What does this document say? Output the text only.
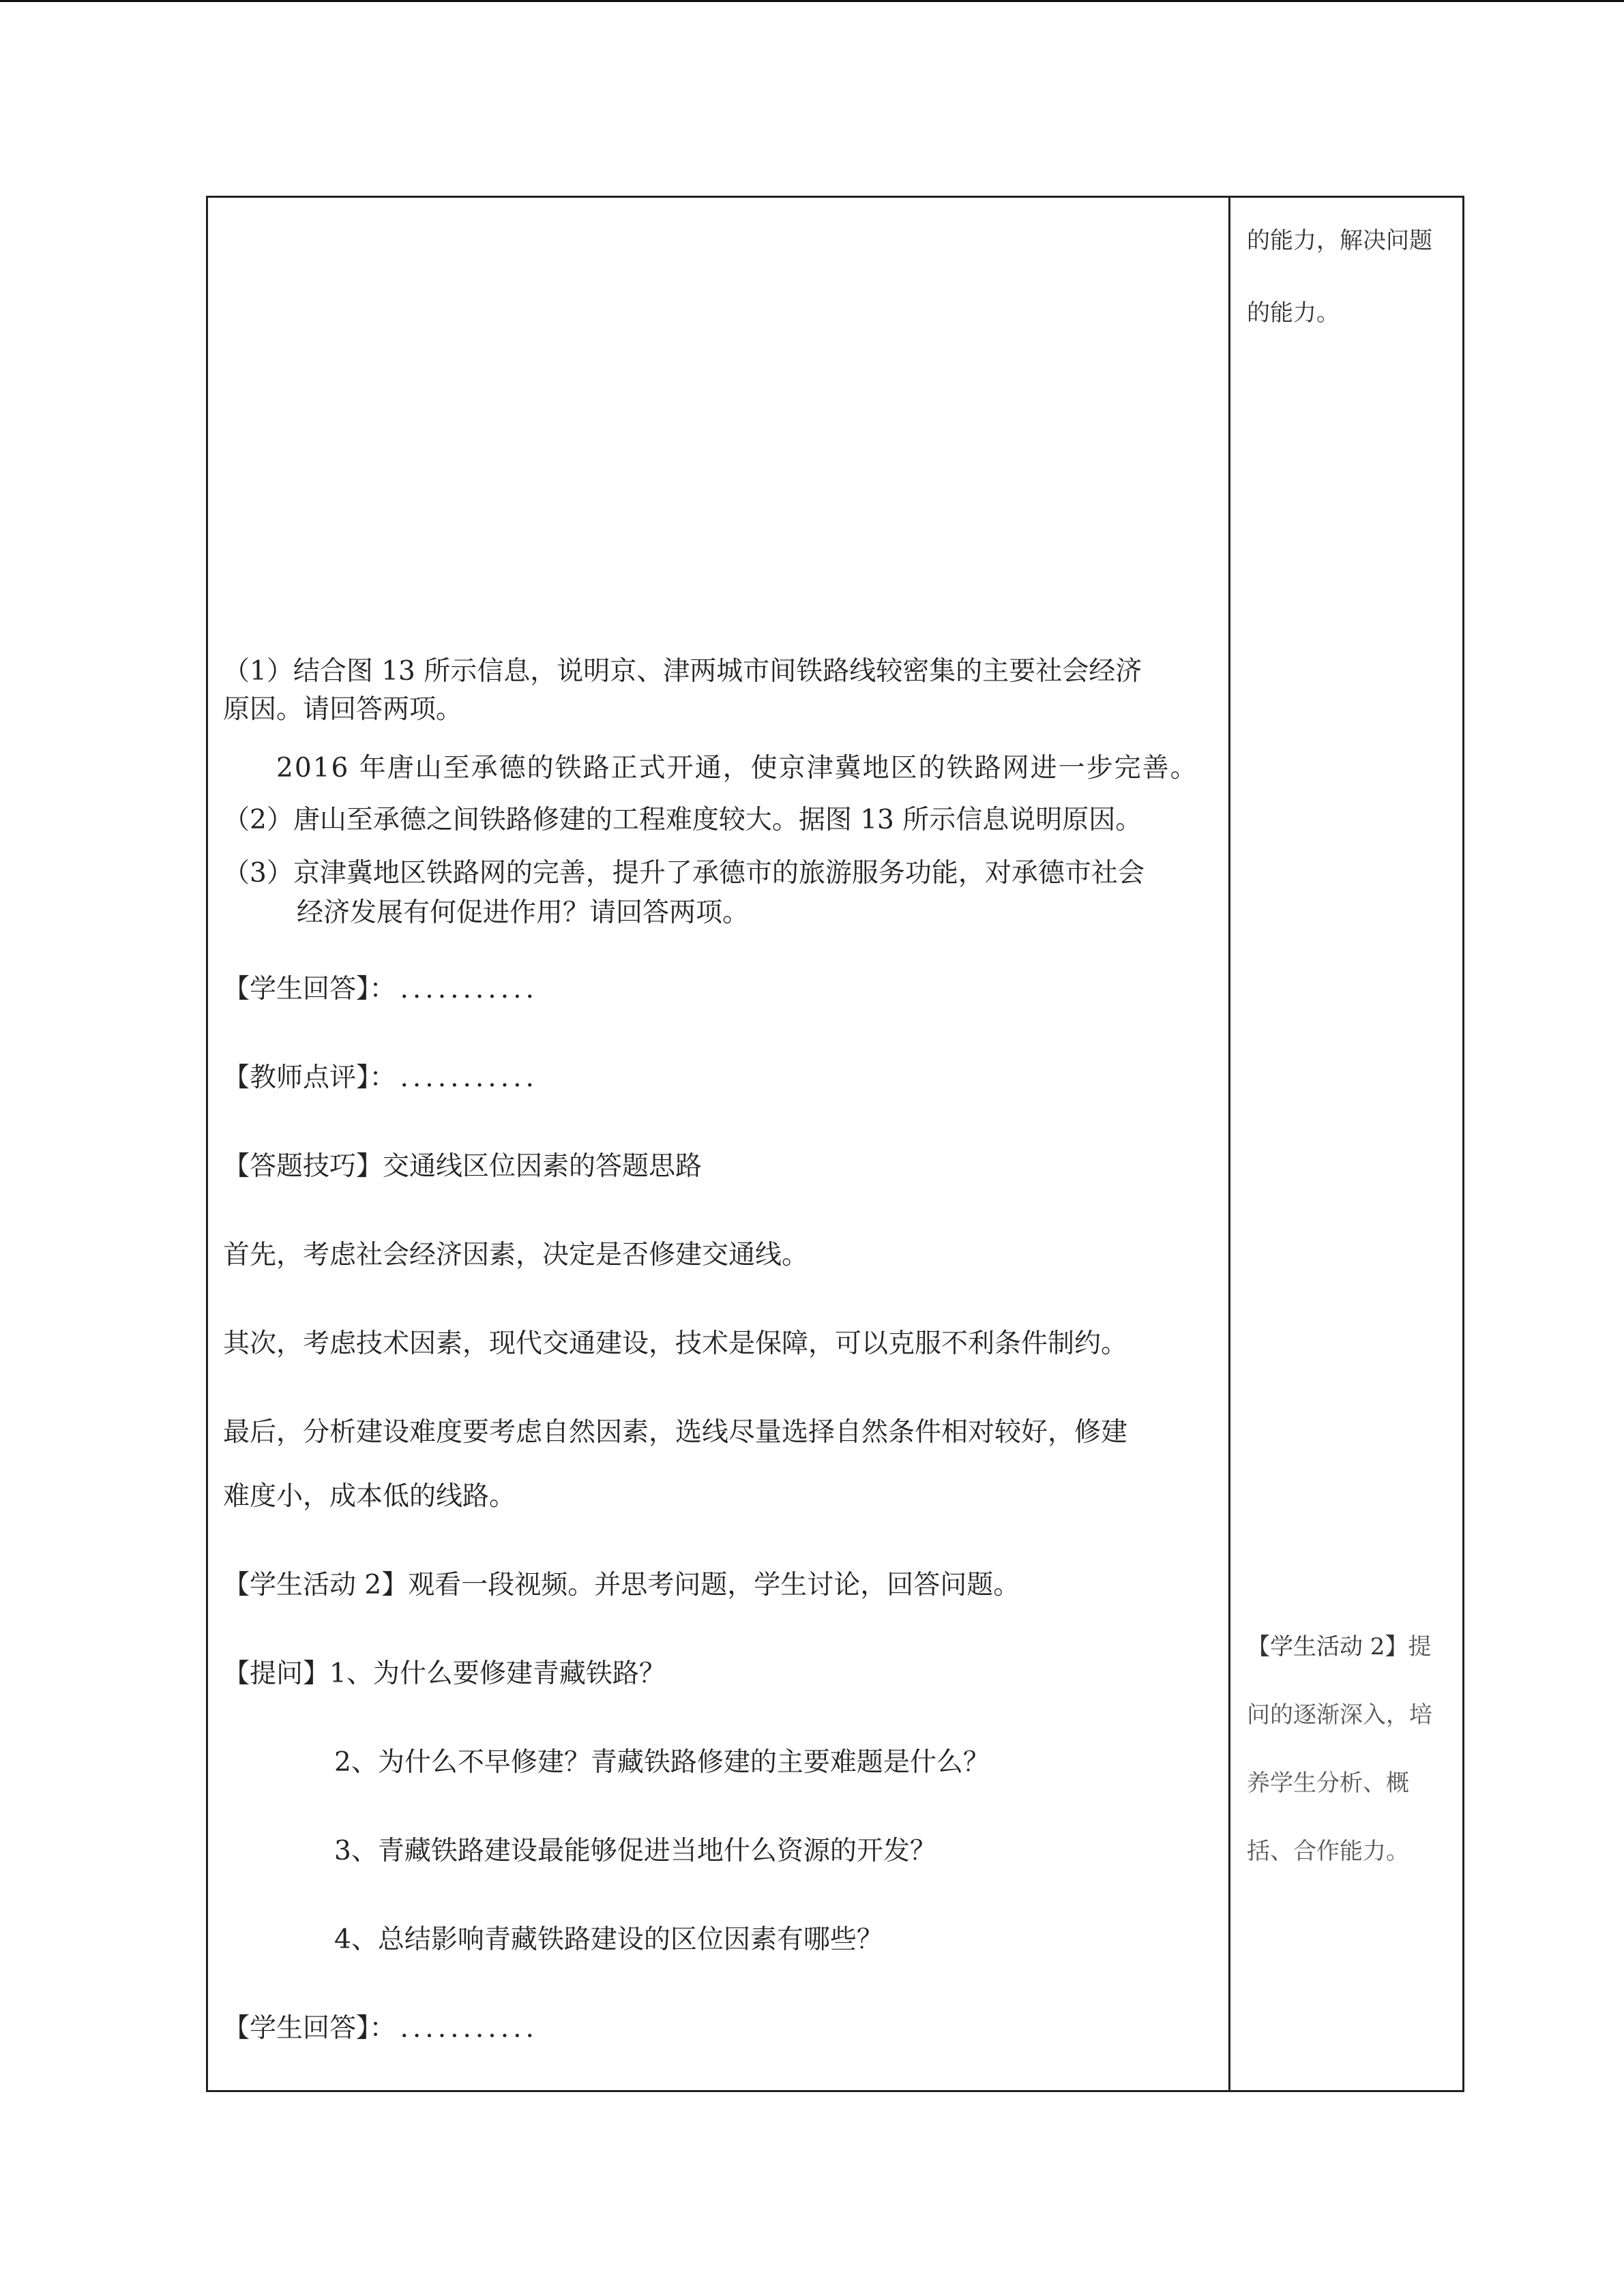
（1）结合图 13 所示信息，说明京、津两城市间铁路线较密集的主要社会经济
原因。请回答两项。
2016 年唐山至承德的铁路正式开通，使京津冀地区的铁路网进一步完善。
（2）唐山至承德之间铁路修建的工程难度较大。据图 13 所示信息说明原因。
（3）京津冀地区铁路网的完善，提升了承德市的旅游服务功能，对承德市社会
经济发展有何促进作用？请回答两项。
【学生回答】：...........
【教师点评】：...........
【答题技巧】交通线区位因素的答题思路
首先，考虑社会经济因素，决定是否修建交通线。
其次，考虑技术因素，现代交通建设，技术是保障，可以克服不利条件制约。
最后，分析建设难度要考虑自然因素，选线尽量选择自然条件相对较好，修建
难度小，成本低的线路。
【学生活动 2】观看一段视频。并思考问题，学生讨论，回答问题。
【提问】1、为什么要修建青藏铁路？
2、为什么不早修建？青藏铁路修建的主要难题是什么？
3、青藏铁路建设最能够促进当地什么资源的开发？
4、总结影响青藏铁路建设的区位因素有哪些？
【学生回答】：...........
的能力，解决问题
的能力。
【学生活动 2】提
问的逐渐深入，培
养学生分析、概
括、合作能力。
